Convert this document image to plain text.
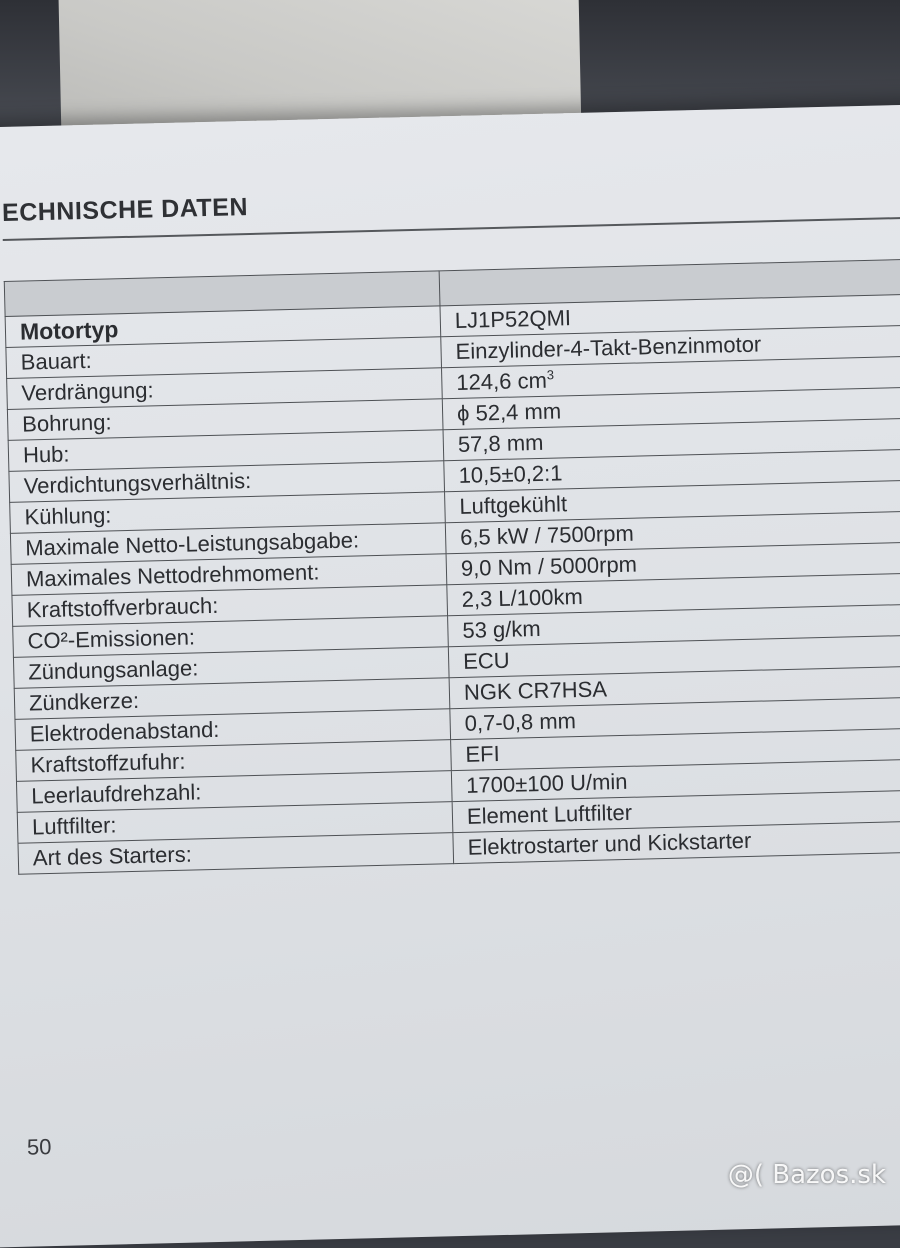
ECHNISCHE DATEN

Motortyp	LJ1P52QMI
Bauart:	Einzylinder-4-Takt-Benzinmotor
Verdrängung:	124,6 $cm^3$
Bohrung:	ϕ 52,4 mm
Hub:	57,8 mm
Verdichtungsverhältnis:	10,5±0,2:1
Kühlung:	Luftgekühlt
Maximale Netto-Leistungsabgabe:	6,5 kW / 7500rpm
Maximales Nettodrehmoment:	9,0 Nm / 5000rpm
Kraftstoffverbrauch:	2,3 L/100km
CO²-Emissionen:	53 g/km
Zündungsanlage:	ECU
Zündkerze:	NGK CR7HSA
Elektrodenabstand:	0,7-0,8 mm
Kraftstoffzufuhr:	EFI
Leerlaufdrehzahl:	1700±100 U/min
Luftfilter:	Element Luftfilter
Art des Starters:	Elektrostarter und Kickstarter
50
@( Bazos.sk
